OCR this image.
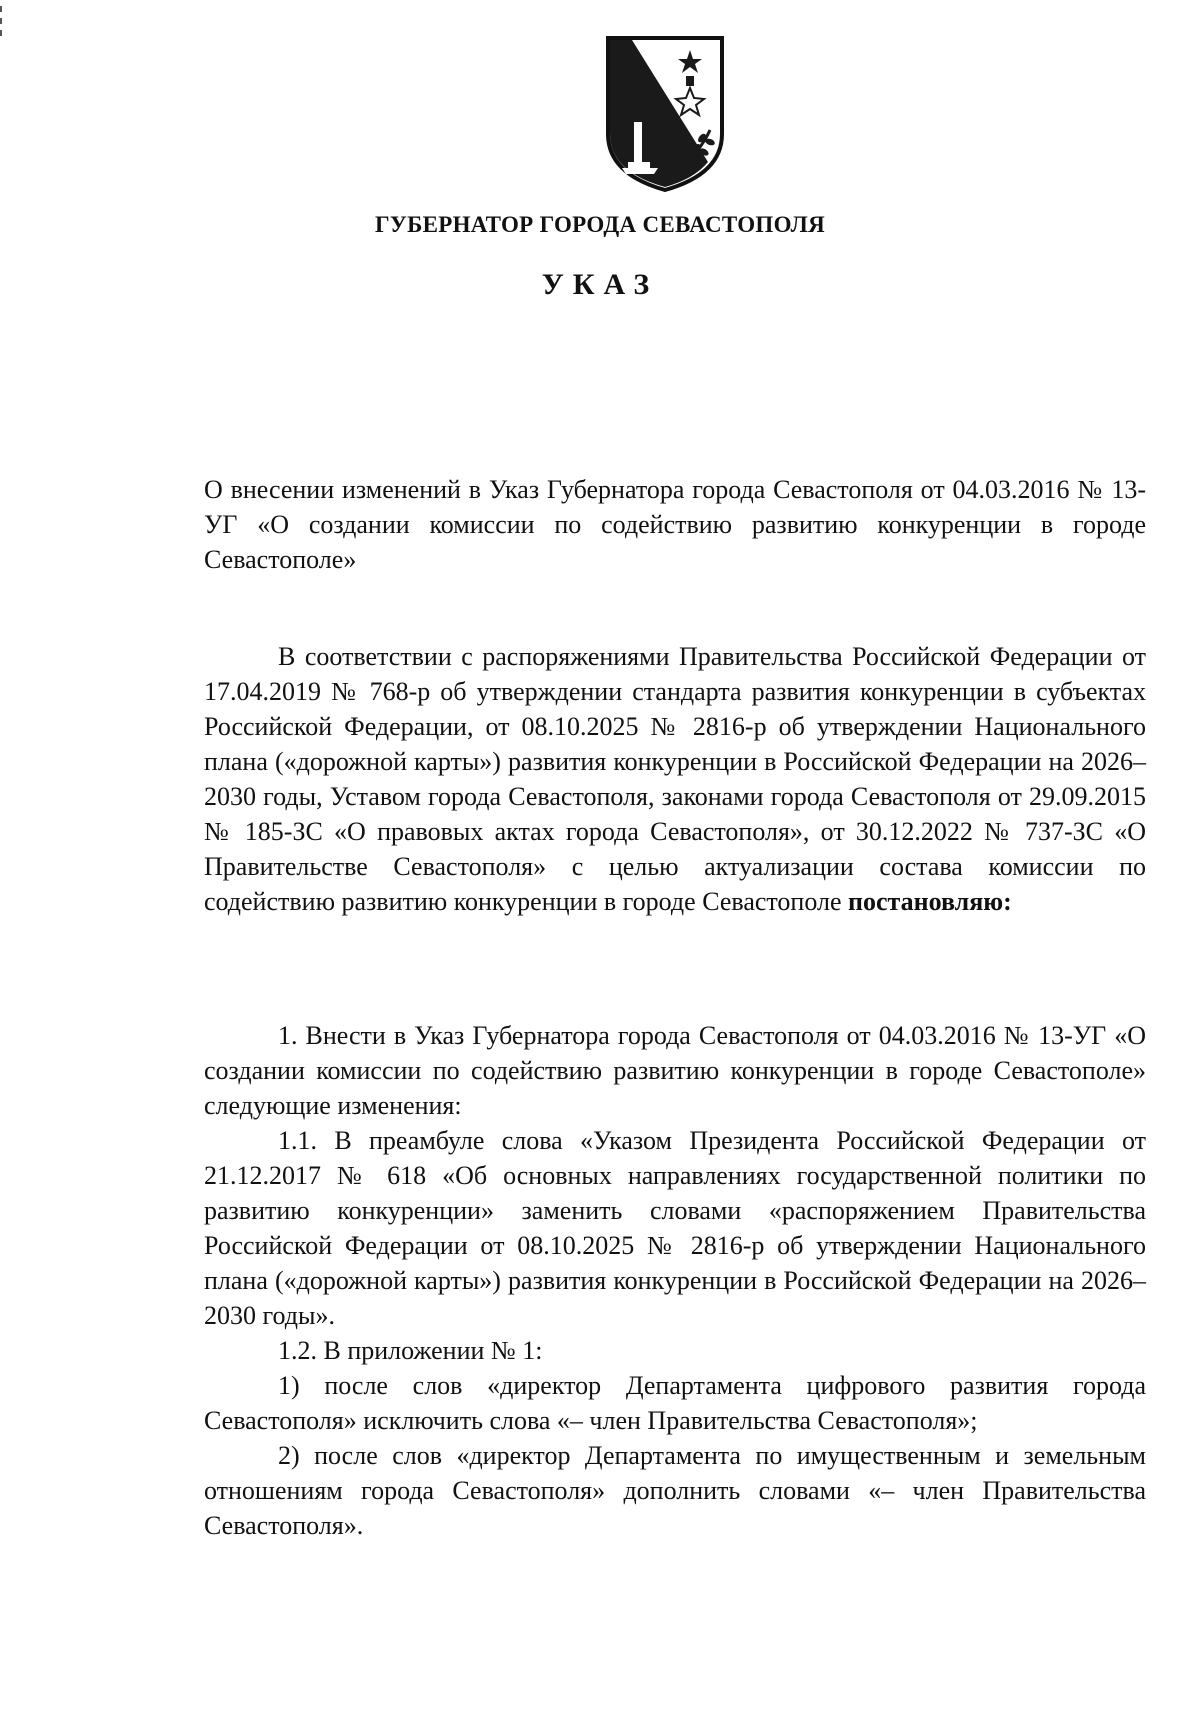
ГУБЕРНАТОР ГОРОДА СЕВАСТОПОЛЯ
УКАЗ

О внесении изменений в Указ Губернатора города Севастополя от 04.03.2016 № 13-УГ «О создании комиссии по содействию развитию конкуренции в городе Севастополе»

В соответствии с распоряжениями Правительства Российской Федерации от 17.04.2019 № 768-р об утверждении стандарта развития конкуренции в субъектах Российской Федерации, от 08.10.2025 № 2816-р об утверждении Национального плана («дорожной карты») развития конкуренции в Российской Федерации на 2026–2030 годы, Уставом города Севастополя, законами города Севастополя от 29.09.2015 № 185-ЗС «О правовых актах города Севастополя», от 30.12.2022 № 737-ЗС «О Правительстве Севастополя» с целью актуализации состава комиссии по содействию развитию конкуренции в городе Севастополе постановляю:

1. Внести в Указ Губернатора города Севастополя от 04.03.2016 № 13-УГ «О создании комиссии по содействию развитию конкуренции в городе Севастополе» следующие изменения:

1.1. В преамбуле слова «Указом Президента Российской Федерации от 21.12.2017 № 618 «Об основных направлениях государственной политики по развитию конкуренции» заменить словами «распоряжением Правительства Российской Федерации от 08.10.2025 № 2816-р об утверждении Национального плана («дорожной карты») развития конкуренции в Российской Федерации на 2026–2030 годы».

1.2. В приложении № 1:

1) после слов «директор Департамента цифрового развития города Севастополя» исключить слова «– член Правительства Севастополя»;

2) после слов «директор Департамента по имущественным и земельным отношениям города Севастополя» дополнить словами «– член Правительства Севастополя».
